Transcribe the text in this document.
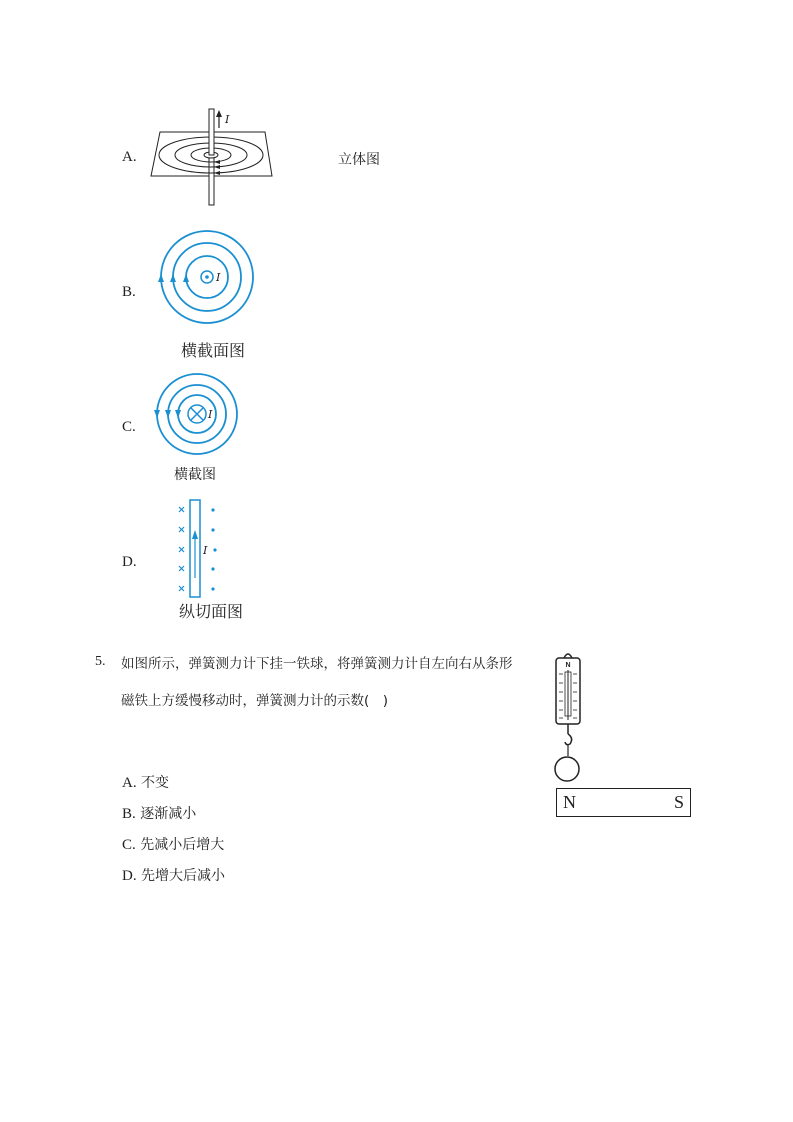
A.
I
立体图
B.
I
横截面图
C.
I
横截图
D.
I
纵切面图
5. 如图所示，弹簧测力计下挂一铁球，将弹簧测力计自左向右从条形
磁铁上方缓慢移动时，弹簧测力计的示数(　)
A. 不变
B. 逐渐减小
C. 先减小后增大
D. 先增大后减小
N
N	S
